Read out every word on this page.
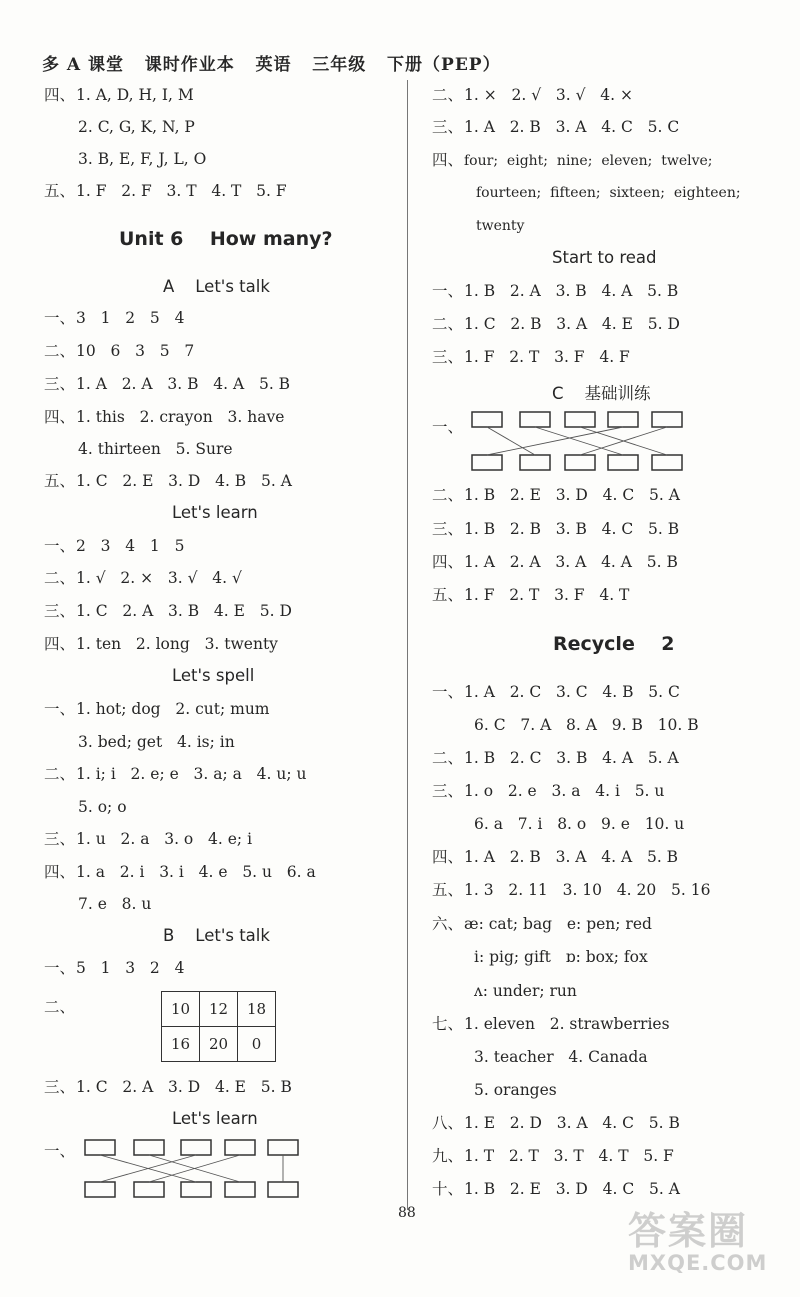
多 A 课堂   课时作业本   英语   三年级   下册（PEP）
四、1. A, D, H, I, M
2. C, G, K, N, P
3. B, E, F, J, L, O
五、1. F   2. F   3. T   4. T   5. F
Unit 6    How many?
A    Let's talk
一、3   1   2   5   4
二、10   6   3   5   7
三、1. A   2. A   3. B   4. A   5. B
四、1. this   2. crayon   3. have
4. thirteen   5. Sure
五、1. C   2. E   3. D   4. B   5. A
Let's learn
一、2   3   4   1   5
二、1. √   2. ×   3. √   4. √
三、1. C   2. A   3. B   4. E   5. D
四、1. ten   2. long   3. twenty
Let's spell
一、1. hot; dog   2. cut; mum
3. bed; get   4. is; in
二、1. i; i   2. e; e   3. a; a   4. u; u
5. o; o
三、1. u   2. a   3. o   4. e; i
四、1. a   2. i   3. i   4. e   5. u   6. a
7. e   8. u
B    Let's talk
一、5   1   3   2   4
二、	10	12	18
16	20	0
三、1. C   2. A   3. D   4. E   5. B
Let's learn
一、
二、1. ×   2. √   3. √   4. ×
三、1. A   2. B   3. A   4. C   5. C
四、four;  eight;  nine;  eleven;  twelve;
fourteen;  fifteen;  sixteen;  eighteen;
twenty
Start to read
一、1. B   2. A   3. B   4. A   5. B
二、1. C   2. B   3. A   4. E   5. D
三、1. F   2. T   3. F   4. F
C    基础训练
一、
二、1. B   2. E   3. D   4. C   5. A
三、1. B   2. B   3. B   4. C   5. B
四、1. A   2. A   3. A   4. A   5. B
五、1. F   2. T   3. F   4. T
Recycle    2
一、1. A   2. C   3. C   4. B   5. C
6. C   7. A   8. A   9. B   10. B
二、1. B   2. C   3. B   4. A   5. A
三、1. o   2. e   3. a   4. i   5. u
6. a   7. i   8. o   9. e   10. u
四、1. A   2. B   3. A   4. A   5. B
五、1. 3   2. 11   3. 10   4. 20   5. 16
六、æ: cat; bag   e: pen; red
i: pig; gift   ɒ: box; fox
ʌ: under; run
七、1. eleven   2. strawberries
3. teacher   4. Canada
5. oranges
八、1. E   2. D   3. A   4. C   5. B
九、1. T   2. T   3. T   4. T   5. F
十、1. B   2. E   3. D   4. C   5. A
88	答案圈
MXQE.COM
